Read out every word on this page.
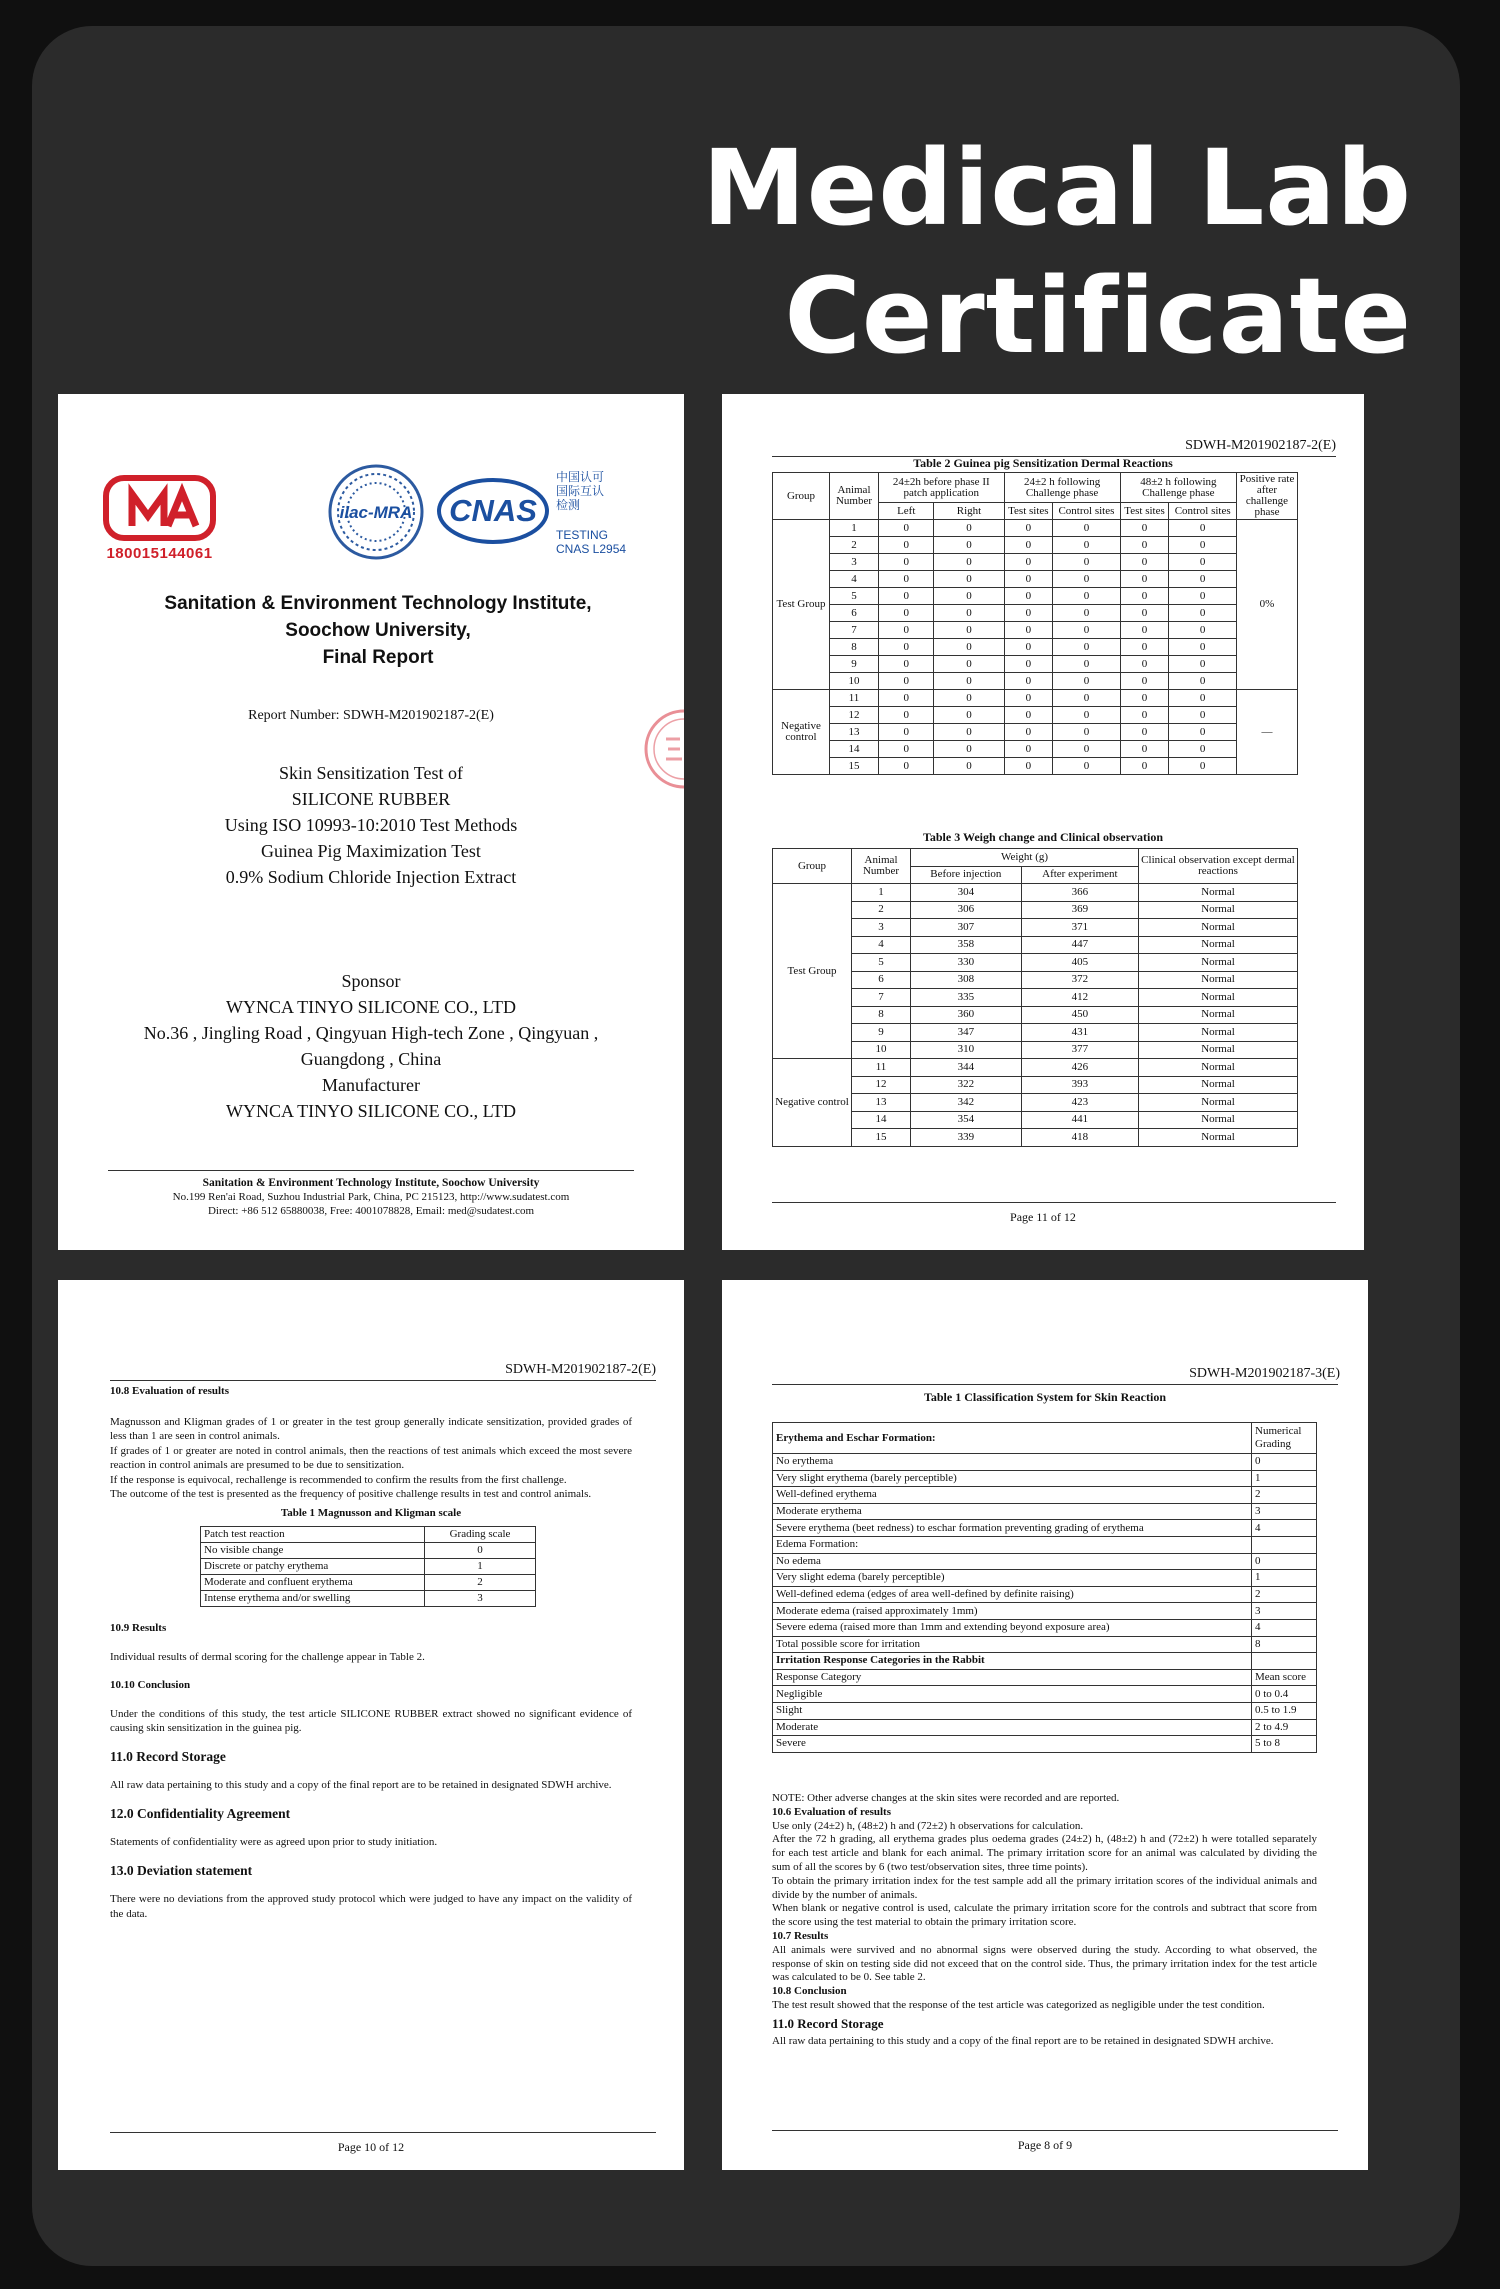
Medical Lab
Certificate
180015144061
ilac-MRA CNAS
中国认可
国际互认
检测
TESTING
CNAS L2954
Sanitation & Environment Technology Institute,
Soochow University,
Final Report
Report Number: SDWH-M201902187-2(E)
Skin Sensitization Test of
SILICONE RUBBER
Using ISO 10993-10:2010 Test Methods
Guinea Pig Maximization Test
0.9% Sodium Chloride Injection Extract
Sponsor
WYNCA TINYO SILICONE CO., LTD
No.36 , Jingling Road , Qingyuan High-tech Zone , Qingyuan ,
Guangdong , China
Manufacturer
WYNCA TINYO SILICONE CO., LTD
Sanitation & Environment Technology Institute, Soochow University
No.199 Ren'ai Road, Suzhou Industrial Park, China, PC 215123, http://www.sudatest.com
Direct: +86 512 65880038, Free: 4001078828, Email: med@sudatest.com
SDWH-M201902187-2(E)
Table 2 Guinea pig Sensitization Dermal Reactions
Group	Animal Number	24±2h before phase II patch application		24±2 h following Challenge phase		48±2 h following Challenge phase		Positive rate after challenge phase
		Left	Right	Test sites	Control sites	Test sites	Control sites	
Test Group	1	0	0	0	0	0	0	0%
	2	0	0	0	0	0	0	
	3	0	0	0	0	0	0	
	4	0	0	0	0	0	0	
	5	0	0	0	0	0	0	
	6	0	0	0	0	0	0	
	7	0	0	0	0	0	0	
	8	0	0	0	0	0	0	
	9	0	0	0	0	0	0	
	10	0	0	0	0	0	0	
Negative control	11	0	0	0	0	0	0	—
	12	0	0	0	0	0	0	
	13	0	0	0	0	0	0	
	14	0	0	0	0	0	0	
	15	0	0	0	0	0	0	
Table 3 Weigh change and Clinical observation
Group	Animal Number	Weight (g)		Clinical observation except dermal reactions
		Before injection	After experiment	
Test Group	1	304	366	Normal
	2	306	369	Normal
	3	307	371	Normal
	4	358	447	Normal
	5	330	405	Normal
	6	308	372	Normal
	7	335	412	Normal
	8	360	450	Normal
	9	347	431	Normal
	10	310	377	Normal
Negative control	11	344	426	Normal
	12	322	393	Normal
	13	342	423	Normal
	14	354	441	Normal
	15	339	418	Normal
Page 11 of 12
SDWH-M201902187-2(E)

10.8 Evaluation of results

Magnusson and Kligman grades of 1 or greater in the test group generally indicate sensitization, provided grades of less than 1 are seen in control animals.

If grades of 1 or greater are noted in control animals, then the reactions of test animals which exceed the most severe reaction in control animals are presumed to be due to sensitization.

If the response is equivocal, rechallenge is recommended to confirm the results from the first challenge.

The outcome of the test is presented as the frequency of positive challenge results in test and control animals.

Table 1 Magnusson and Kligman scale

Patch test reaction	Grading scale
No visible change	0
Discrete or patchy erythema	1
Moderate and confluent erythema	2
Intense erythema and/or swelling	3

10.9 Results

Individual results of dermal scoring for the challenge appear in Table 2.

10.10 Conclusion

Under the conditions of this study, the test article SILICONE RUBBER extract showed no significant evidence of causing skin sensitization in the guinea pig.

11.0 Record Storage

All raw data pertaining to this study and a copy of the final report are to be retained in designated SDWH archive.

12.0 Confidentiality Agreement

Statements of confidentiality were as agreed upon prior to study initiation.

13.0 Deviation statement

There were no deviations from the approved study protocol which were judged to have any impact on the validity of the data.

Page 10 of 12
SDWH-M201902187-3(E)
Table 1 Classification System for Skin Reaction
Erythema and Eschar Formation:	Numerical Grading
No erythema	0
Very slight erythema (barely perceptible)	1
Well-defined erythema	2
Moderate erythema	3
Severe erythema (beet redness) to eschar formation preventing grading of erythema	4
Edema Formation:	
No edema	0
Very slight edema (barely perceptible)	1
Well-defined edema (edges of area well-defined by definite raising)	2
Moderate edema (raised approximately 1mm)	3
Severe edema (raised more than 1mm and extending beyond exposure area)	4
Total possible score for irritation	8
Irritation Response Categories in the Rabbit	
Response Category	Mean score
Negligible	0 to 0.4
Slight	0.5 to 1.9
Moderate	2 to 4.9
Severe	5 to 8

NOTE: Other adverse changes at the skin sites were recorded and are reported.

10.6 Evaluation of results

Use only (24±2) h, (48±2) h and (72±2) h observations for calculation.

After the 72 h grading, all erythema grades plus oedema grades (24±2) h, (48±2) h and (72±2) h were totalled separately for each test article and blank for each animal. The primary irritation score for an animal was calculated by dividing the sum of all the scores by 6 (two test/observation sites, three time points).

To obtain the primary irritation index for the test sample add all the primary irritation scores of the individual animals and divide by the number of animals.

When blank or negative control is used, calculate the primary irritation score for the controls and subtract that score from the score using the test material to obtain the primary irritation score.

10.7 Results

All animals were survived and no abnormal signs were observed during the study. According to what observed, the response of skin on testing side did not exceed that on the control side. Thus, the primary irritation index for the test article was calculated to be 0. See table 2.

10.8 Conclusion

The test result showed that the response of the test article was categorized as negligible under the test condition.

11.0 Record Storage

All raw data pertaining to this study and a copy of the final report are to be retained in designated SDWH archive.

Page 8 of 9
